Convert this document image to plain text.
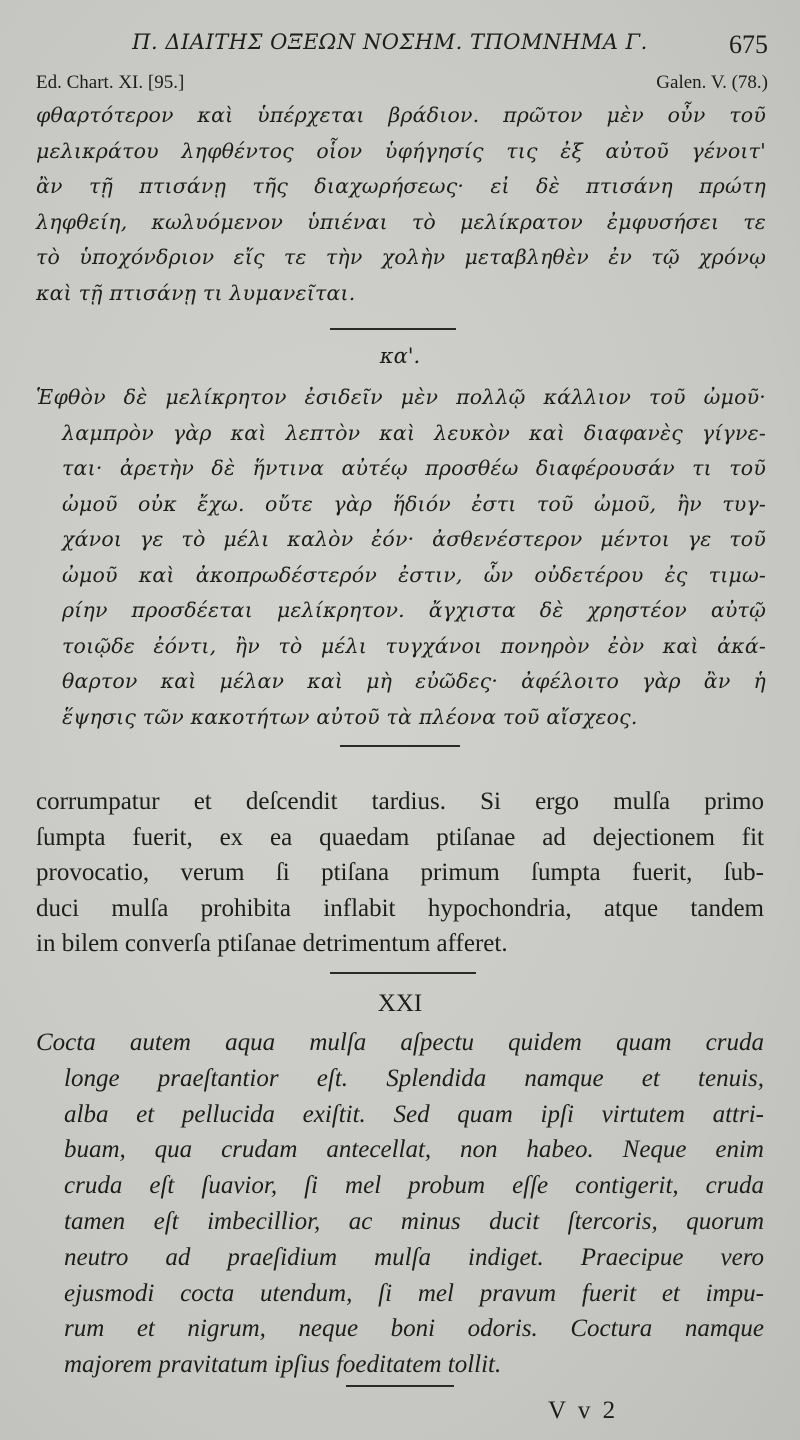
Π. ΔΙΑΙΤΗΣ ΟΞΕΩΝ ΝΟΣΗΜ. ΤΠΟΜΝΗΜΑ Γ.	675
Ed. Chart. XI. [95.]	Galen. V. (78.)
φθαρτότερον καὶ ὑπέρχεται βράδιον. πρῶτον μὲν οὖν τοῦ
μελικράτου ληφθέντος οἷον ὑφήγησίς τις ἐξ αὐτοῦ γένοιτ'
ἂν τῇ πτισάνῃ τῆς διαχωρήσεως· εἰ δὲ πτισάνη πρώτη
ληφθείη, κωλυόμενον ὑπιέναι τὸ μελίκρατον ἐμφυσήσει τε
τὸ ὑποχόνδριον εἴς τε τὴν χολὴν μεταβληθὲν ἐν τῷ χρόνῳ
καὶ τῇ πτισάνῃ τι λυμανεῖται.
κα'.
Ἑφθὸν δὲ μελίκρητον ἐσιδεῖν μὲν πολλῷ κάλλιον τοῦ ὠμοῦ·
λαμπρὸν γὰρ καὶ λεπτὸν καὶ λευκὸν καὶ διαφανὲς γίγνε-
ται· ἀρετὴν δὲ ἥντινα αὐτέῳ προσθέω διαφέρουσάν τι τοῦ
ὠμοῦ οὐκ ἔχω. οὔτε γὰρ ἥδιόν ἐστι τοῦ ὠμοῦ, ἢν τυγ-
χάνοι γε τὸ μέλι καλὸν ἐόν· ἀσθενέστερον μέντοι γε τοῦ
ὠμοῦ καὶ ἀκοπρωδέστερόν ἐστιν, ὧν οὐδετέρου ἐς τιμω-
ρίην προσδέεται μελίκρητον. ἄγχιστα δὲ χρηστέον αὐτῷ
τοιῷδε ἐόντι, ἢν τὸ μέλι τυγχάνοι πονηρὸν ἐὸν καὶ ἀκά-
θαρτον καὶ μέλαν καὶ μὴ εὐῶδες· ἀφέλοιτο γὰρ ἂν ἡ
ἕψησις τῶν κακοτήτων αὐτοῦ τὰ πλέονα τοῦ αἴσχεος.
corrumpatur et deſcendit tardius. Si ergo mulſa primo
ſumpta fuerit, ex ea quaedam ptiſanae ad dejectionem fit
provocatio, verum ſi ptiſana primum ſumpta fuerit, ſub-
duci mulſa prohibita inflabit hypochondria, atque tandem
in bilem converſa ptiſanae detrimentum afferet.
XXI
Cocta autem aqua mulſa aſpectu quidem quam cruda
longe praeſtantior eſt. Splendida namque et tenuis,
alba et pellucida exiſtit. Sed quam ipſi virtutem attri-
buam, qua crudam antecellat, non habeo. Neque enim
cruda eſt ſuavior, ſi mel probum eſſe contigerit, cruda
tamen eſt imbecillior, ac minus ducit ſtercoris, quorum
neutro ad praeſidium mulſa indiget. Praecipue vero
ejusmodi cocta utendum, ſi mel pravum fuerit et impu-
rum et nigrum, neque boni odoris. Coctura namque
majorem pravitatum ipſius foeditatem tollit.
V v 2
